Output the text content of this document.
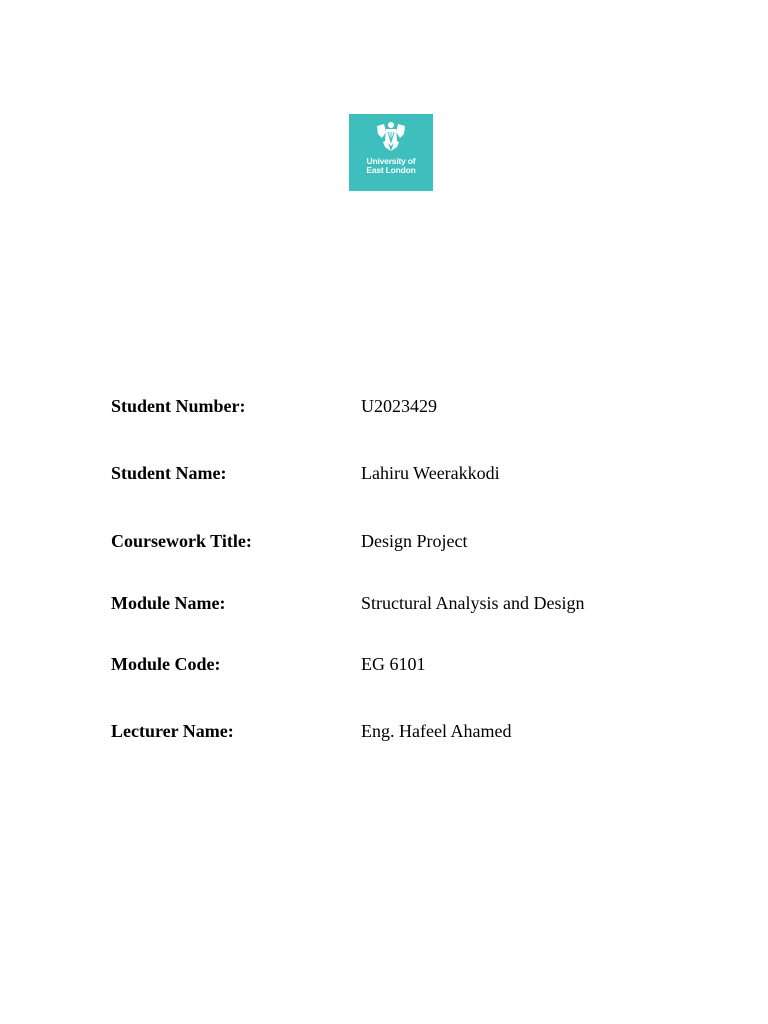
University of
East London
Student Number:	U2023429
Student Name:	Lahiru Weerakkodi
Coursework Title:	Design Project
Module Name:	Structural Analysis and Design
Module Code:	EG 6101
Lecturer Name:	Eng. Hafeel Ahamed
